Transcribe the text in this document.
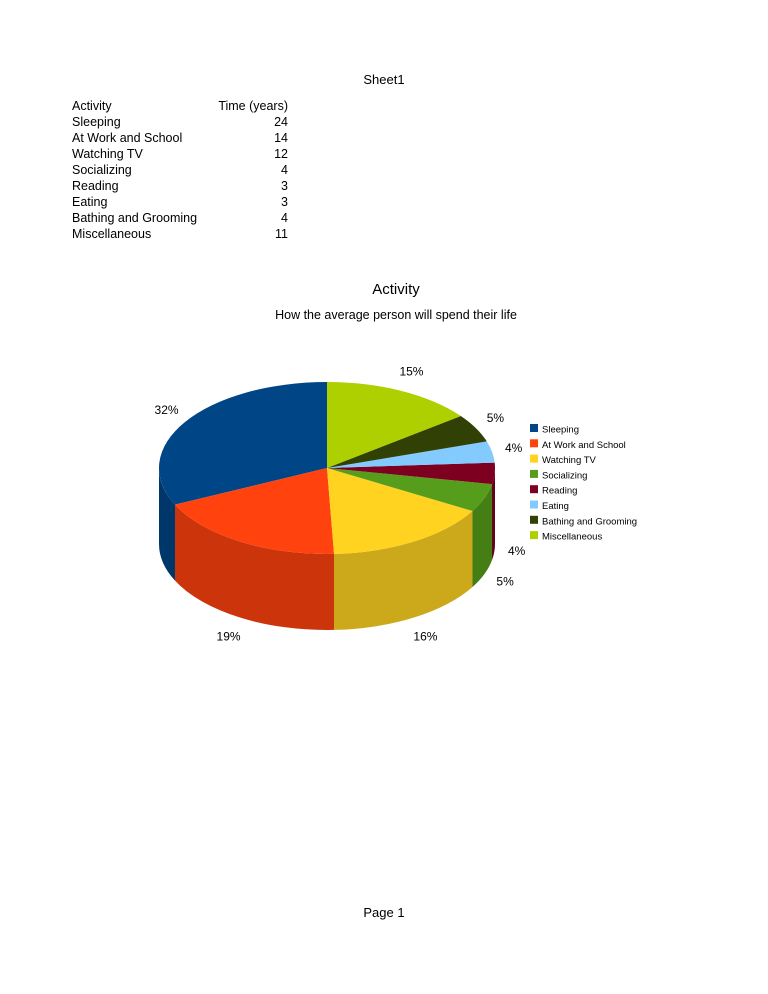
Sheet1
Activity	Time (years)
Sleeping	24
At Work and School	14
Watching TV	12
Socializing	4
Reading	3
Eating	3
Bathing and Grooming	4
Miscellaneous	11
Activity
How the average person will spend their life
32%
19%	16%
5%
4%
4%
5%
15%
Sleeping
At Work and School
Watching TV
Socializing
Reading
Eating
Bathing and Grooming
Miscellaneous
Page 1
